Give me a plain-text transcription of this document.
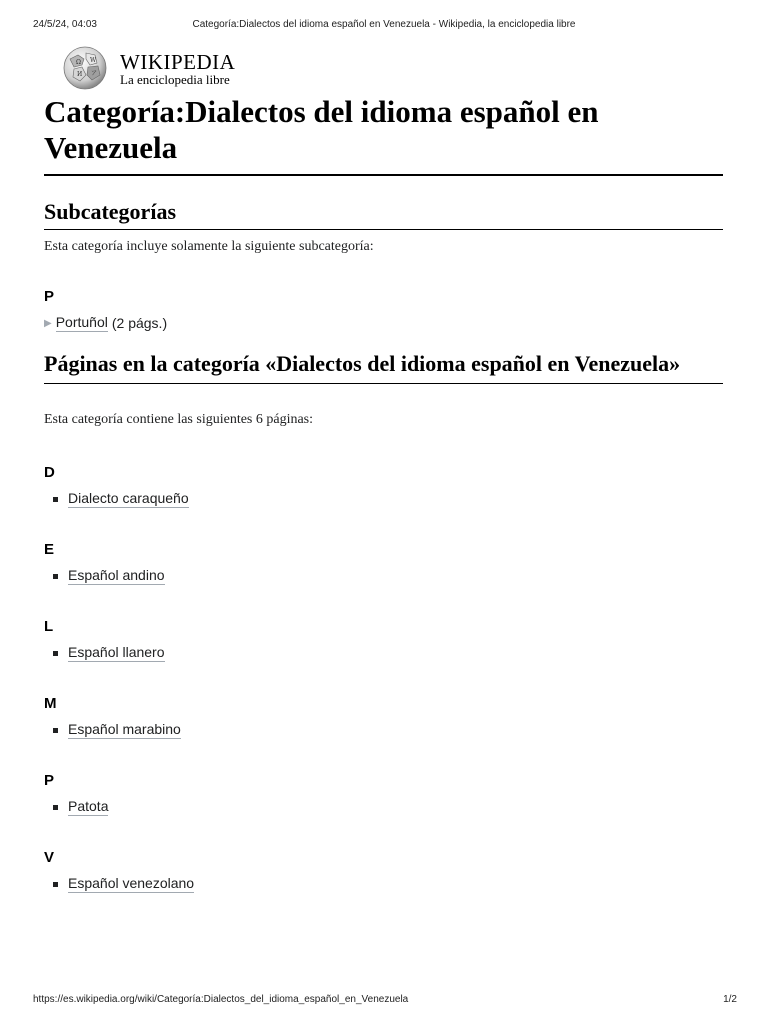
24/5/24, 04:03	Categoría:Dialectos del idioma español en Venezuela - Wikipedia, la enciclopedia libre
Ω W
И ア WIKIPEDIA
La enciclopedia libre
Categoría:Dialectos del idioma español en Venezuela
Subcategorías
Esta categoría incluye solamente la siguiente subcategoría:
P
▶ Portuñol (2 págs.)
Páginas en la categoría «Dialectos del idioma español en Venezuela»
Esta categoría contiene las siguientes 6 páginas:
D
Dialecto caraqueño
E
Español andino
L
Español llanero
M
Español marabino
P
Patota
V
Español venezolano
https://es.wikipedia.org/wiki/Categoría:Dialectos_del_idioma_español_en_Venezuela	1/2
